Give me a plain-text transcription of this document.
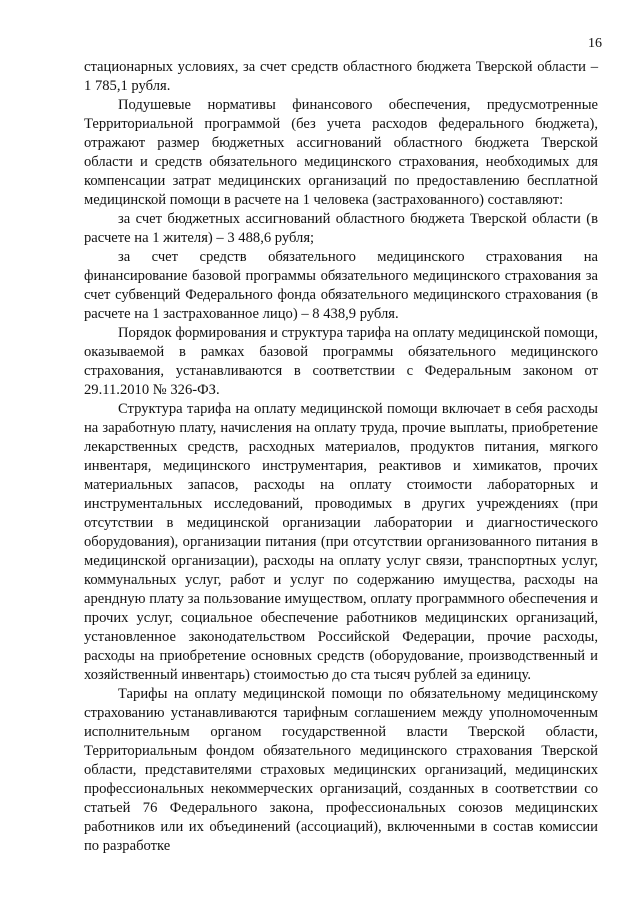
16

стационарных условиях, за счет средств областного бюджета Тверской области – 1 785,1 рубля.

Подушевые нормативы финансового обеспечения, предусмотренные Территориальной программой (без учета расходов федерального бюджета), отражают размер бюджетных ассигнований областного бюджета Тверской области и средств обязательного медицинского страхования, необходимых для компенсации затрат медицинских организаций по предоставлению бесплатной медицинской помощи в расчете на 1 человека (застрахованного) составляют:

за счет бюджетных ассигнований областного бюджета Тверской области (в расчете на 1 жителя) – 3 488,6 рубля;

за счет средств обязательного медицинского страхования на финансирование базовой программы обязательного медицинского страхования за счет субвенций Федерального фонда обязательного медицинского страхования (в расчете на 1 застрахованное лицо) – 8 438,9 рубля.

Порядок формирования и структура тарифа на оплату медицинской помощи, оказываемой в рамках базовой программы обязательного медицинского страхования, устанавливаются в соответствии с Федеральным законом от 29.11.2010 № 326-ФЗ.

Структура тарифа на оплату медицинской помощи включает в себя расходы на заработную плату, начисления на оплату труда, прочие выплаты, приобретение лекарственных средств, расходных материалов, продуктов питания, мягкого инвентаря, медицинского инструментария, реактивов и химикатов, прочих материальных запасов, расходы на оплату стоимости лабораторных и инструментальных исследований, проводимых в других учреждениях (при отсутствии в медицинской организации лаборатории и диагностического оборудования), организации питания (при отсутствии организованного питания в медицинской организации), расходы на оплату услуг связи, транспортных услуг, коммунальных услуг, работ и услуг по содержанию имущества, расходы на арендную плату за пользование имуществом, оплату программного обеспечения и прочих услуг, социальное обеспечение работников медицинских организаций, установленное законодательством Российской Федерации, прочие расходы, расходы на приобретение основных средств (оборудование, производственный и хозяйственный инвентарь) стоимостью до ста тысяч рублей за единицу.

Тарифы на оплату медицинской помощи по обязательному медицинскому страхованию устанавливаются тарифным соглашением между уполномоченным исполнительным органом государственной власти Тверской области, Территориальным фондом обязательного медицинского страхования Тверской области, представителями страховых медицинских организаций, медицинских профессиональных некоммерческих организаций, созданных в соответствии со статьей 76 Федерального закона, профессиональных союзов медицинских работников или их объединений (ассоциаций), включенными в состав комиссии по разработке
